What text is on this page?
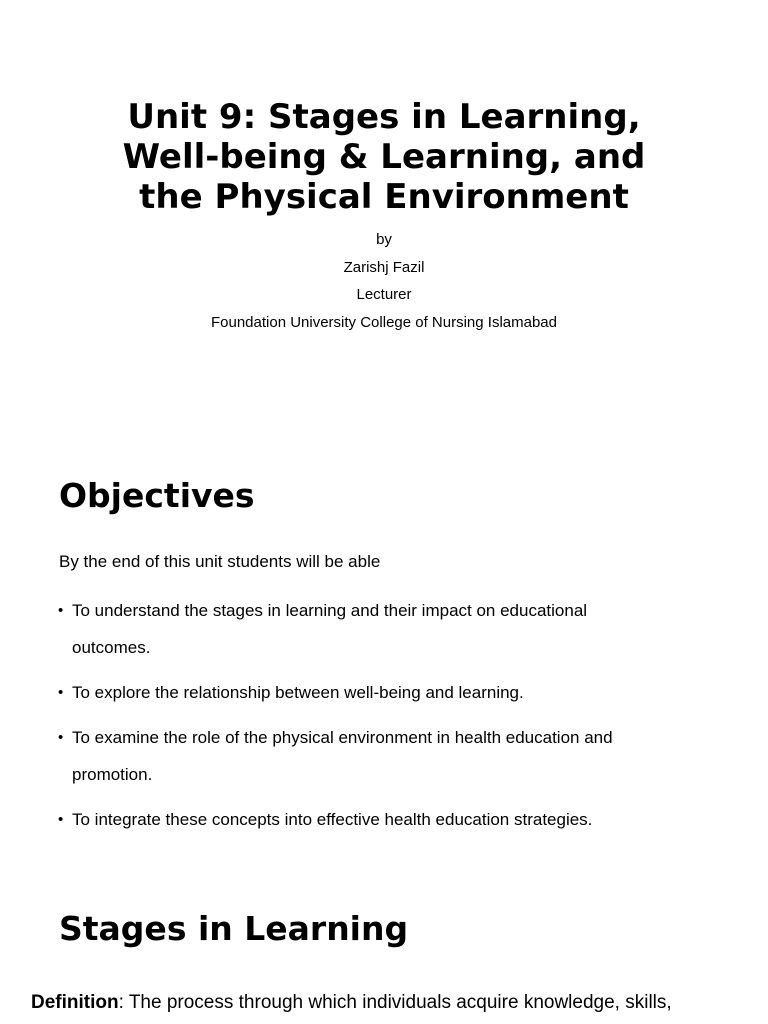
Unit 9: Stages in Learning,
Well-being & Learning, and
the Physical Environment
by
Zarishj Fazil
Lecturer
Foundation University College of Nursing Islamabad
Objectives

By the end of this unit students will be able

• To understand the stages in learning and their impact on educational
outcomes.
• To explore the relationship between well-being and learning.
• To examine the role of the physical environment in health education and
promotion.
• To integrate these concepts into effective health education strategies.
Stages in Learning

Definition: The process through which individuals acquire knowledge, skills,
